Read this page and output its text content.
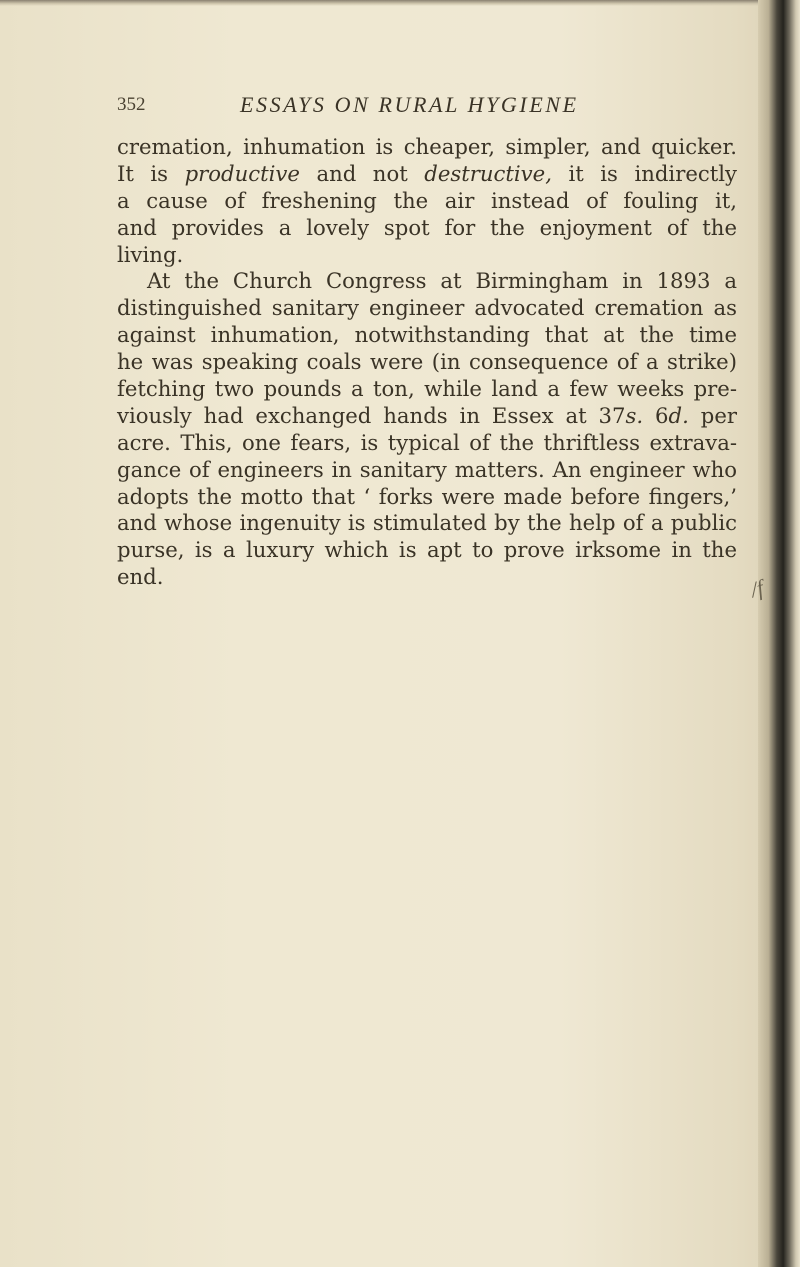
352	ESSAYS ON RURAL HYGIENE
cremation, inhumation is cheaper, simpler, and quicker.
It is productive and not destructive, it is indirectly
a cause of freshening the air instead of fouling it,
and provides a lovely spot for the enjoyment of the
living.
At the Church Congress at Birmingham in 1893 a
distinguished sanitary engineer advocated cremation as
against inhumation, notwithstanding that at the time
he was speaking coals were (in consequence of a strike)
fetching two pounds a ton, while land a few weeks pre-
viously had exchanged hands in Essex at 37s. 6d. per
acre. This, one fears, is typical of the thriftless extrava-
gance of engineers in sanitary matters. An engineer who
adopts the motto that ‘ forks were made before fingers,’
and whose ingenuity is stimulated by the help of a public
purse, is a luxury which is apt to prove irksome in the
end.	/f
